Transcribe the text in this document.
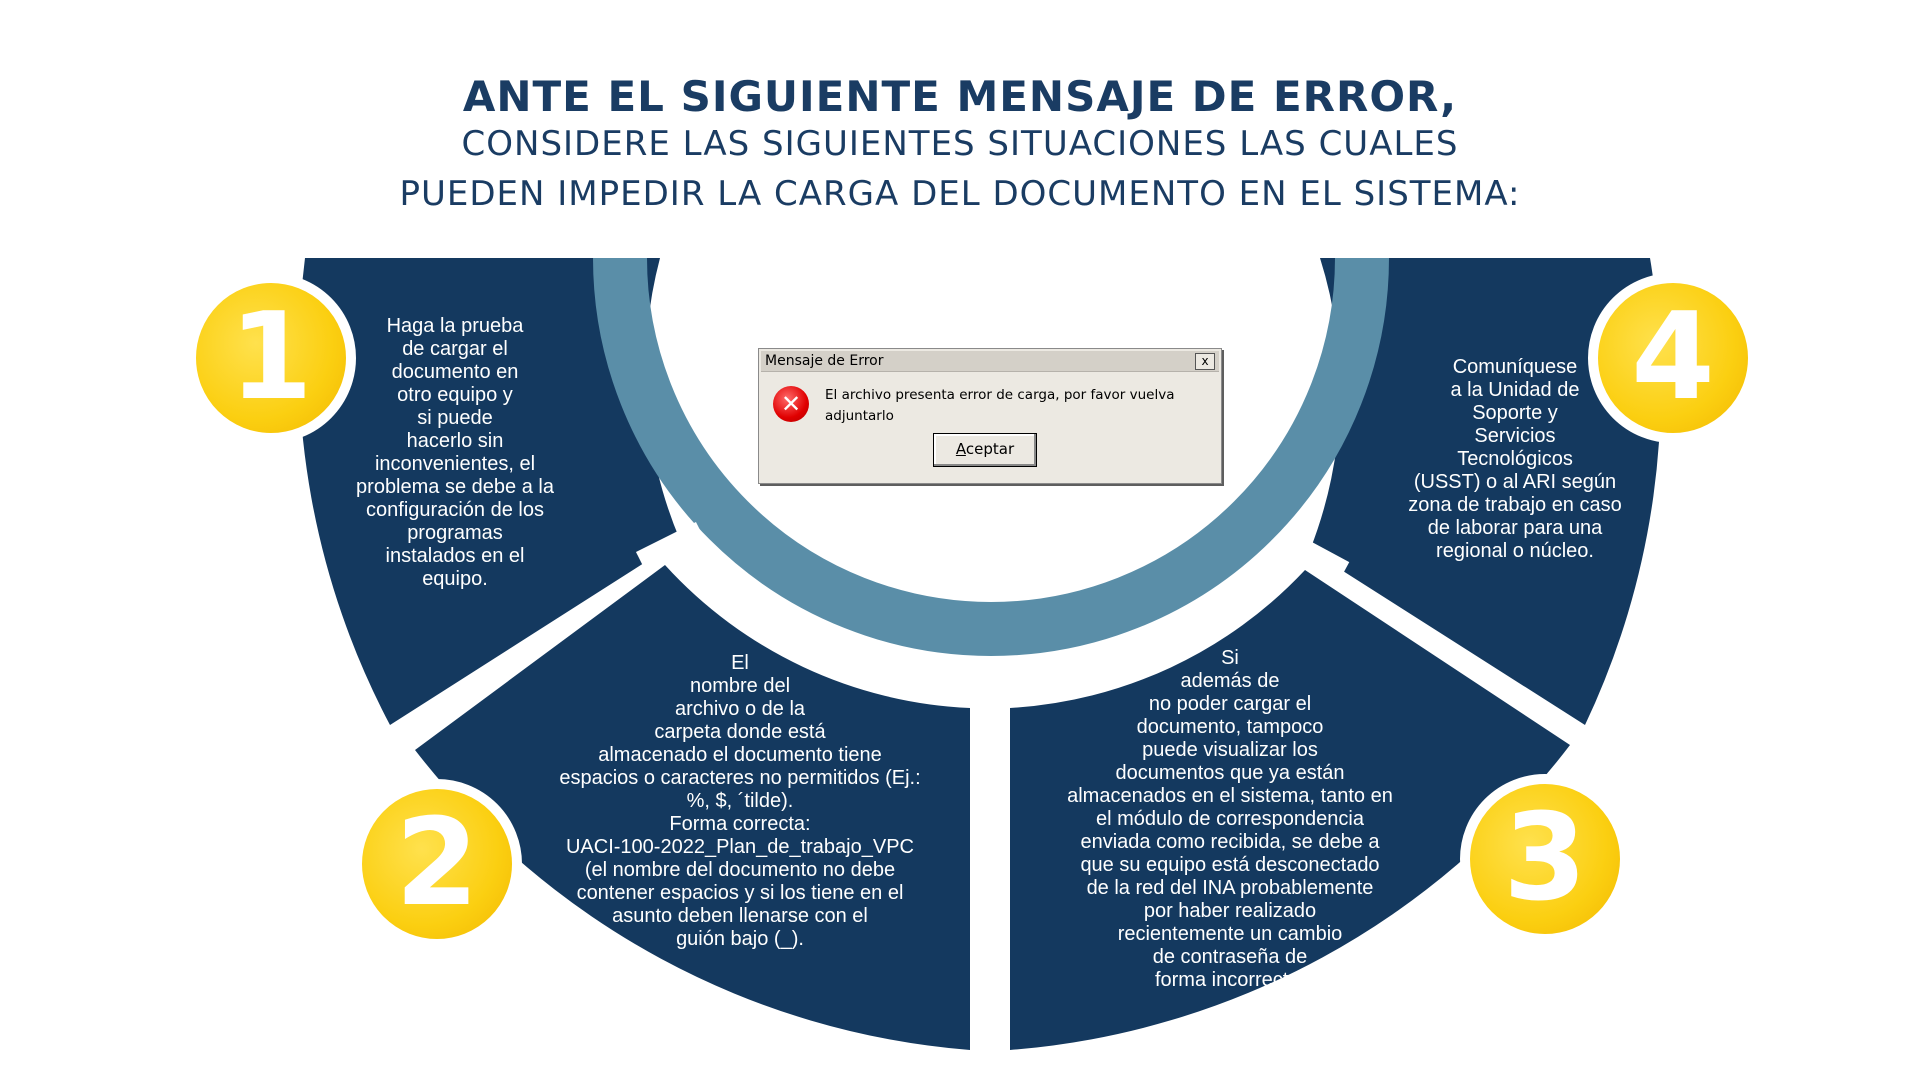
ANTE EL SIGUIENTE MENSAJE DE ERROR,
CONSIDERE LAS SIGUIENTES SITUACIONES LAS CUALES
PUEDEN IMPEDIR LA CARGA DEL DOCUMENTO EN EL SISTEMA:
1
2	3
4
Haga la prueba
de cargar el
documento en
otro equipo y
si puede
hacerlo sin
inconvenientes, el
problema se debe a la
configuración de los
programas
instalados en el
equipo.
El
nombre del
archivo o de la
carpeta donde está
almacenado el documento tiene
espacios o caracteres no permitidos (Ej.:
%, $, ´tilde).
Forma correcta:
UACI-100-2022_Plan_de_trabajo_VPC
(el nombre del documento no debe
contener espacios y si los tiene en el
asunto deben llenarse con el
guión bajo (_).
Si
además de
no poder cargar el
documento, tampoco
puede visualizar los
documentos que ya están
almacenados en el sistema, tanto en
el módulo de correspondencia
enviada como recibida, se debe a
que su equipo está desconectado
de la red del INA probablemente
por haber realizado
recientemente un cambio
de contraseña de
forma incorrecta.
Comuníquese
a la Unidad de
Soporte y
Servicios
Tecnológicos
(USST) o al ARI según
zona de trabajo en caso
de laborar para una
regional o núcleo.
Mensaje de Error	x
✕	El archivo presenta error de carga, por favor vuelva adjuntarlo
Aceptar
